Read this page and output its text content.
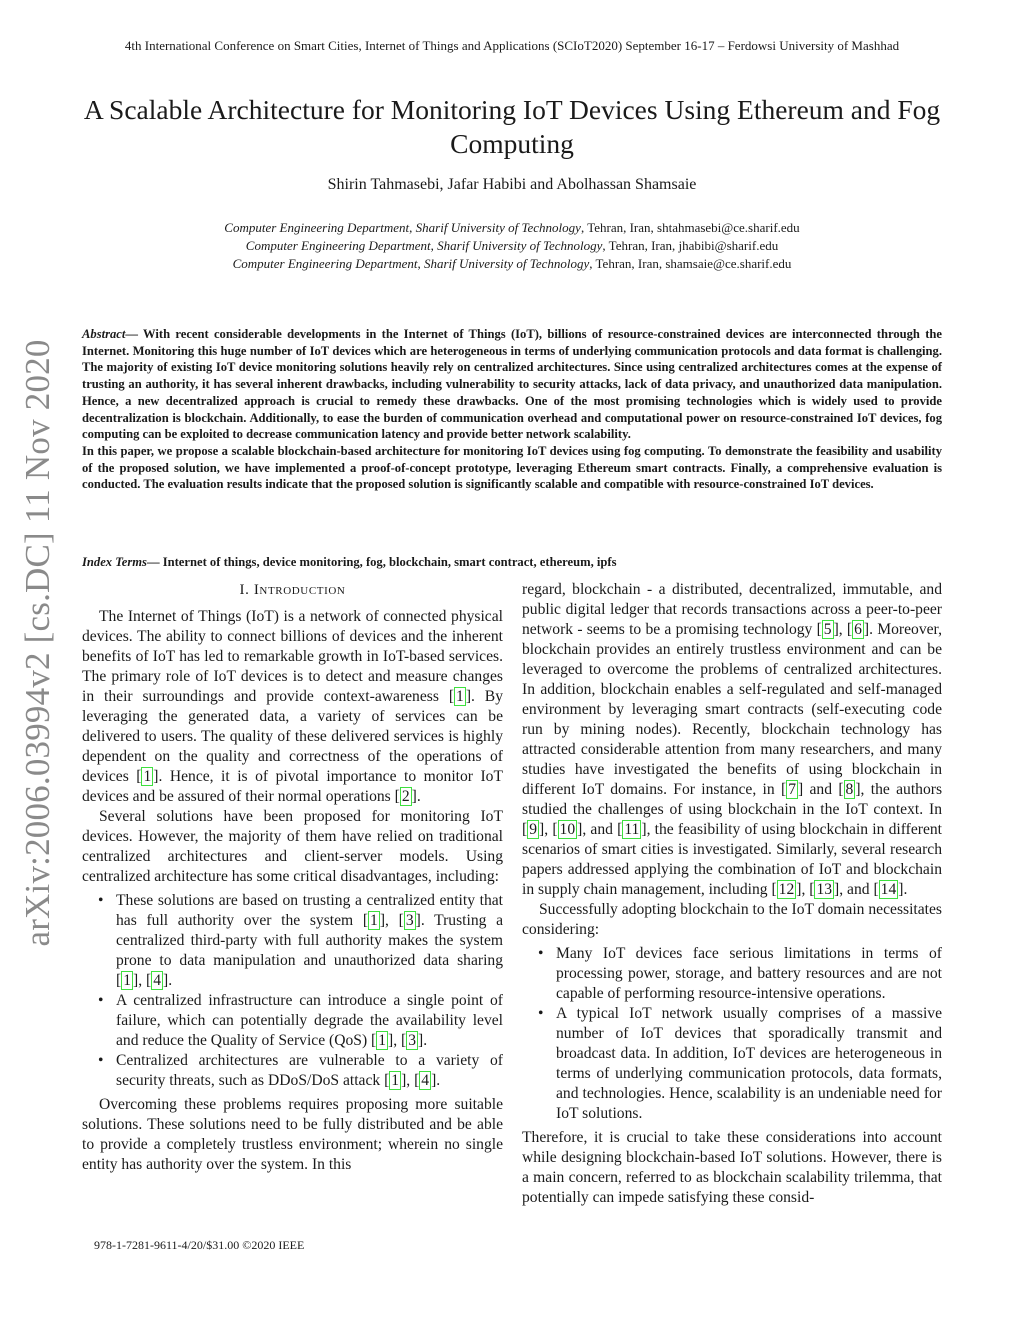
4th International Conference on Smart Cities, Internet of Things and Applications (SCIoT2020) September 16-17 – Ferdowsi University of Mashhad
A Scalable Architecture for Monitoring IoT Devices Using Ethereum and Fog Computing
Shirin Tahmasebi, Jafar Habibi and Abolhassan Shamsaie
Computer Engineering Department, Sharif University of Technology, Tehran, Iran, shtahmasebi@ce.sharif.edu
Computer Engineering Department, Sharif University of Technology, Tehran, Iran, jhabibi@sharif.edu
Computer Engineering Department, Sharif University of Technology, Tehran, Iran, shamsaie@ce.sharif.edu
arXiv:2006.03994v2 [cs.DC] 11 Nov 2020

Abstract— With recent considerable developments in the Internet of Things (IoT), billions of resource-constrained devices are interconnected through the Internet. Monitoring this huge number of IoT devices which are heterogeneous in terms of underlying communication protocols and data format is challenging. The majority of existing IoT device monitoring solutions heavily rely on centralized architectures. Since using centralized architectures comes at the expense of trusting an authority, it has several inherent drawbacks, including vulnerability to security attacks, lack of data privacy, and unauthorized data manipulation. Hence, a new decentralized approach is crucial to remedy these drawbacks. One of the most promising technologies which is widely used to provide decentralization is blockchain. Additionally, to ease the burden of communication overhead and computational power on resource-constrained IoT devices, fog computing can be exploited to decrease communication latency and provide better network scalability.

In this paper, we propose a scalable blockchain-based architecture for monitoring IoT devices using fog computing. To demonstrate the feasibility and usability of the proposed solution, we have implemented a proof-of-concept prototype, leveraging Ethereum smart contracts. Finally, a comprehensive evaluation is conducted. The evaluation results indicate that the proposed solution is significantly scalable and compatible with resource-constrained IoT devices.

Index Terms— Internet of things, device monitoring, fog, blockchain, smart contract, ethereum, ipfs
I. Introduction

The Internet of Things (IoT) is a network of connected physical devices. The ability to connect billions of devices and the inherent benefits of IoT has led to remarkable growth in IoT-based services. The primary role of IoT devices is to detect and measure changes in their surroundings and provide context-awareness [ 1 ]. By leveraging the generated data, a variety of services can be delivered to users. The quality of these delivered services is highly dependent on the quality and correctness of the operations of devices [ 1 ]. Hence, it is of pivotal importance to monitor IoT devices and be assured of their normal operations [ 2 ].

Several solutions have been proposed for monitoring IoT devices. However, the majority of them have relied on traditional centralized architectures and client-server models. Using centralized architecture has some critical disadvantages, including:

• These solutions are based on trusting a centralized entity that has full authority over the system [ 1 ], [ 3 ]. Trusting a centralized third-party with full authority makes the system prone to data manipulation and unauthorized data sharing [ 1 ], [ 4 ].
• A centralized infrastructure can introduce a single point of failure, which can potentially degrade the availability level and reduce the Quality of Service (QoS) [ 1 ], [ 3 ].
• Centralized architectures are vulnerable to a variety of security threats, such as DDoS/DoS attack [ 1 ], [ 4 ].

Overcoming these problems requires proposing more suitable solutions. These solutions need to be fully distributed and be able to provide a completely trustless environment; wherein no single entity has authority over the system. In this

regard, blockchain - a distributed, decentralized, immutable, and public digital ledger that records transactions across a peer-to-peer network - seems to be a promising technology [ 5 ], [ 6 ]. Moreover, blockchain provides an entirely trustless environment and can be leveraged to overcome the problems of centralized architectures. In addition, blockchain enables a self-regulated and self-managed environment by leveraging smart contracts (self-executing code run by mining nodes). Recently, blockchain technology has attracted considerable attention from many researchers, and many studies have investigated the benefits of using blockchain in different IoT domains. For instance, in [ 7 ] and [ 8 ], the authors studied the challenges of using blockchain in the IoT context. In [ 9 ], [ 10 ], and [ 11 ], the feasibility of using blockchain in different scenarios of smart cities is investigated. Similarly, several research papers addressed applying the combination of IoT and blockchain in supply chain management, including [ 12 ], [ 13 ], and [ 14 ].

Successfully adopting blockchain to the IoT domain necessitates considering:

• Many IoT devices face serious limitations in terms of processing power, storage, and battery resources and are not capable of performing resource-intensive operations.
• A typical IoT network usually comprises of a massive number of IoT devices that sporadically transmit and broadcast data. In addition, IoT devices are heterogeneous in terms of underlying communication protocols, data formats, and technologies. Hence, scalability is an undeniable need for IoT solutions.

Therefore, it is crucial to take these considerations into account while designing blockchain-based IoT solutions. However, there is a main concern, referred to as blockchain scalability trilemma, that potentially can impede satisfying these consid-

978-1-7281-9611-4/20/$31.00 ©2020 IEEE
